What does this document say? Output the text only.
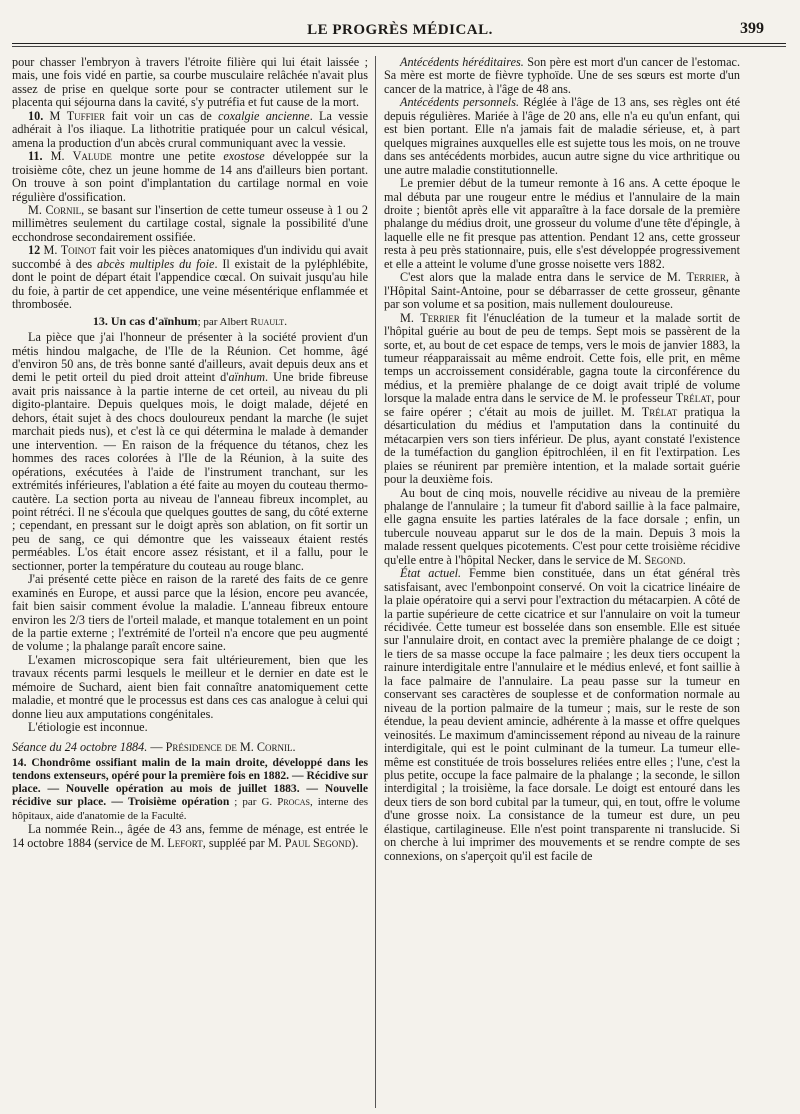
LE PROGRÈS MÉDICAL.	399

pour chasser l'embryon à travers l'étroite filière qui lui était laissée ; mais, une fois vidé en partie, sa courbe musculaire relâchée n'avait plus assez de prise en quelque sorte pour se contracter utilement sur le placenta qui séjourna dans la cavité, s'y putréfia et fut cause de la mort.

10. M Tuffier fait voir un cas de coxalgie ancienne. La vessie adhérait à l'os iliaque. La lithotritie pratiquée pour un calcul vésical, amena la production d'un abcès crural communiquant avec la vessie.

11. M. Valude montre une petite exostose développée sur la troisième côte, chez un jeune homme de 14 ans d'ailleurs bien portant. On trouve à son point d'implantation du cartilage normal en voie régulière d'ossification.

M. Cornil, se basant sur l'insertion de cette tumeur osseuse à 1 ou 2 millimètres seulement du cartilage costal, signale la possibilité d'une ecchondrose secondairement ossifiée.

12 M. Toinot fait voir les pièces anatomiques d'un individu qui avait succombé à des abcès multiples du foie. Il existait de la pyléphlébite, dont le point de départ était l'appendice cœcal. On suivait jusqu'au hile du foie, à partir de cet appendice, une veine mésentérique enflammée et thrombosée.

13. Un cas d'aïnhum; par Albert Ruault.

La pièce que j'ai l'honneur de présenter à la société provient d'un métis hindou malgache, de l'Ile de la Réunion. Cet homme, âgé d'environ 50 ans, de très bonne santé d'ailleurs, avait depuis deux ans et demi le petit orteil du pied droit atteint d'aïnhum. Une bride fibreuse avait pris naissance à la partie interne de cet orteil, au niveau du pli digito-plantaire. Depuis quelques mois, le doigt malade, déjeté en dehors, était sujet à des chocs douloureux pendant la marche (le sujet marchait pieds nus), et c'est là ce qui détermina le malade à demander une intervention. — En raison de la fréquence du tétanos, chez les hommes des races colorées à l'Ile de la Réunion, à la suite des opérations, exécutées à l'aide de l'instrument tranchant, sur les extrémités inférieures, l'ablation a été faite au moyen du couteau thermo-cautère. La section porta au niveau de l'anneau fibreux incomplet, au point rétréci. Il ne s'écoula que quelques gouttes de sang, du côté externe ; cependant, en pressant sur le doigt après son ablation, on fit sortir un peu de sang, ce qui démontre que les vaisseaux étaient restés perméables. L'os était encore assez résistant, et il a fallu, pour le sectionner, porter la température du couteau au rouge blanc.

J'ai présenté cette pièce en raison de la rareté des faits de ce genre examinés en Europe, et aussi parce que la lésion, encore peu avancée, fait bien saisir comment évolue la maladie. L'anneau fibreux entoure environ les 2/3 tiers de l'orteil malade, et manque totalement en un point de la partie externe ; l'extrémité de l'orteil n'a encore que peu augmenté de volume ; la phalange paraît encore saine.

L'examen microscopique sera fait ultérieurement, bien que les travaux récents parmi lesquels le meilleur et le dernier en date est le mémoire de Suchard, aient bien fait connaître anatomiquement cette maladie, et montré que le processus est dans ces cas analogue à celui qui donne lieu aux amputations congénitales.

L'étiologie est inconnue.

Séance du 24 octobre 1884. — Présidence de M. Cornil.

14. Chondrôme ossifiant malin de la main droite, développé dans les tendons extenseurs, opéré pour la première fois en 1882. — Récidive sur place. — Nouvelle opération au mois de juillet 1883. — Nouvelle récidive sur place. — Troisième opération ; par G. Procas, interne des hôpitaux, aide d'anatomie de la Faculté.

La nommée Rein.., âgée de 43 ans, femme de ménage, est entrée le 14 octobre 1884 (service de M. Lefort, suppléé par M. Paul Segond).

Antécédents héréditaires. Son père est mort d'un cancer de l'estomac. Sa mère est morte de fièvre typhoïde. Une de ses sœurs est morte d'un cancer de la matrice, à l'âge de 48 ans.

Antécédents personnels. Réglée à l'âge de 13 ans, ses règles ont été depuis régulières. Mariée à l'âge de 20 ans, elle n'a eu qu'un enfant, qui est bien portant. Elle n'a jamais fait de maladie sérieuse, et, à part quelques migraines auxquelles elle est sujette tous les mois, on ne trouve dans ses antécédents morbides, aucun autre signe du vice arthritique ou une autre maladie constitutionnelle.

Le premier début de la tumeur remonte à 16 ans. A cette époque le mal débuta par une rougeur entre le médius et l'annulaire de la main droite ; bientôt après elle vit apparaître à la face dorsale de la première phalange du médius droit, une grosseur du volume d'une tête d'épingle, à laquelle elle ne fit presque pas attention. Pendant 12 ans, cette grosseur resta à peu près stationnaire, puis, elle s'est développée progressivement et elle a atteint le volume d'une grosse noisette vers 1882.

C'est alors que la malade entra dans le service de M. Terrier, à l'Hôpital Saint-Antoine, pour se débarrasser de cette grosseur, gênante par son volume et sa position, mais nullement douloureuse.

M. Terrier fit l'énucléation de la tumeur et la malade sortit de l'hôpital guérie au bout de peu de temps. Sept mois se passèrent de la sorte, et, au bout de cet espace de temps, vers le mois de janvier 1883, la tumeur réapparaissait au même endroit. Cette fois, elle prit, en même temps un accroissement considérable, gagna toute la circonférence du médius, et la première phalange de ce doigt avait triplé de volume lorsque la malade entra dans le service de M. le professeur Trélat, pour se faire opérer ; c'était au mois de juillet. M. Trélat pratiqua la désarticulation du médius et l'amputation dans la continuité du métacarpien vers son tiers inférieur. De plus, ayant constaté l'existence de la tuméfaction du ganglion épitrochléen, il en fit l'extirpation. Les plaies se réunirent par première intention, et la malade sortait guérie pour la deuxième fois.

Au bout de cinq mois, nouvelle récidive au niveau de la première phalange de l'annulaire ; la tumeur fit d'abord saillie à la face palmaire, elle gagna ensuite les parties latérales de la face dorsale ; enfin, un tubercule nouveau apparut sur le dos de la main. Depuis 3 mois la malade ressent quelques picotements. C'est pour cette troisième récidive qu'elle entre à l'hôpital Necker, dans le service de M. Segond.

État actuel. Femme bien constituée, dans un état général très satisfaisant, avec l'embonpoint conservé. On voit la cicatrice linéaire de la plaie opératoire qui a servi pour l'extraction du métacarpien. A côté de la partie supérieure de cette cicatrice et sur l'annulaire on voit la tumeur récidivée. Cette tumeur est bosselée dans son ensemble. Elle est située sur l'annulaire droit, en contact avec la première phalange de ce doigt ; le tiers de sa masse occupe la face palmaire ; les deux tiers occupent la rainure interdigitale entre l'annulaire et le médius enlevé, et font saillie à la face palmaire de l'annulaire. La peau passe sur la tumeur en conservant ses caractères de souplesse et de conformation normale au niveau de la portion palmaire de la tumeur ; mais, sur le reste de son étendue, la peau devient amincie, adhérente à la masse et offre quelques veinosités. Le maximum d'amincissement répond au niveau de la rainure interdigitale, qui est le point culminant de la tumeur. La tumeur elle-même est constituée de trois bosselures reliées entre elles ; l'une, c'est la plus petite, occupe la face palmaire de la phalange ; la seconde, le sillon interdigital ; la troisième, la face dorsale. Le doigt est entouré dans les deux tiers de son bord cubital par la tumeur, qui, en tout, offre le volume d'une grosse noix. La consistance de la tumeur est dure, un peu élastique, cartilagineuse. Elle n'est point transparente ni translucide. Si on cherche à lui imprimer des mouvements et se rendre compte de ses connexions, on s'aperçoit qu'il est facile de
